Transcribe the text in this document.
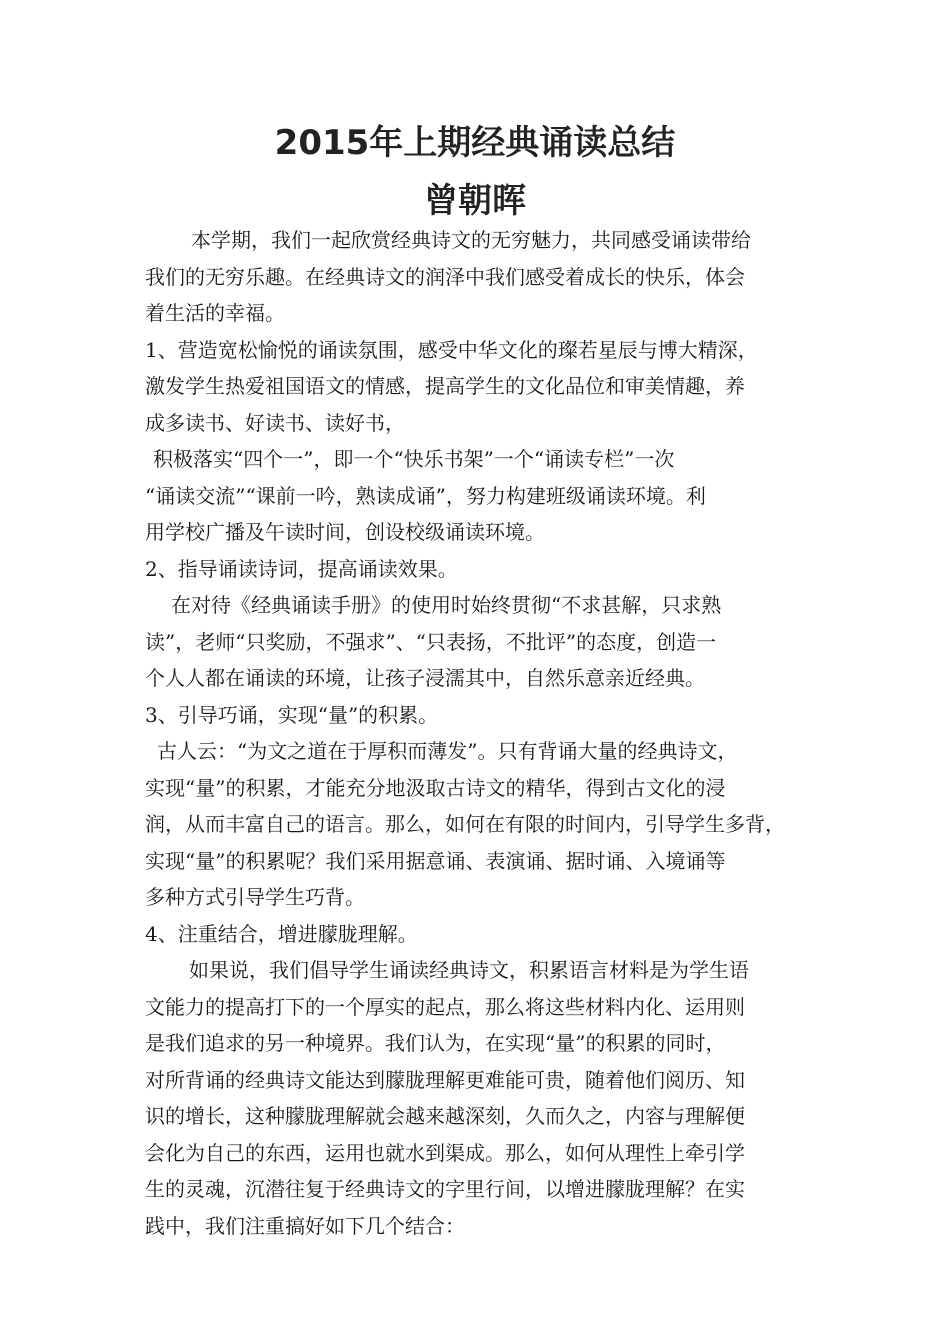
2015年上期经典诵读总结
曾朝晖
本学期，我们一起欣赏经典诗文的无穷魅力，共同感受诵读带给
我们的无穷乐趣。在经典诗文的润泽中我们感受着成长的快乐，体会
着生活的幸福。
1、营造宽松愉悦的诵读氛围，感受中华文化的璨若星辰与博大精深，
激发学生热爱祖国语文的情感，提高学生的文化品位和审美情趣，养
成多读书、好读书、读好书，
积极落实“四个一”，即一个“快乐书架”一个“诵读专栏”一次
“诵读交流”“课前一吟，熟读成诵”，努力构建班级诵读环境。利
用学校广播及午读时间，创设校级诵读环境。
2、指导诵读诗词，提高诵读效果。
在对待《经典诵读手册》的使用时始终贯彻“不求甚解，只求熟
读”，老师“只奖励，不强求”、“只表扬，不批评”的态度，创造一
个人人都在诵读的环境，让孩子浸濡其中，自然乐意亲近经典。
3、引导巧诵，实现“量”的积累。
古人云：“为文之道在于厚积而薄发”。只有背诵大量的经典诗文，
实现“量”的积累，才能充分地汲取古诗文的精华，得到古文化的浸
润，从而丰富自己的语言。那么，如何在有限的时间内，引导学生多背，
实现“量”的积累呢？我们采用据意诵、表演诵、据时诵、入境诵等
多种方式引导学生巧背。
4、注重结合，增进朦胧理解。
如果说，我们倡导学生诵读经典诗文，积累语言材料是为学生语
文能力的提高打下的一个厚实的起点，那么将这些材料内化、运用则
是我们追求的另一种境界。我们认为，在实现“量”的积累的同时，
对所背诵的经典诗文能达到朦胧理解更难能可贵，随着他们阅历、知
识的增长，这种朦胧理解就会越来越深刻，久而久之，内容与理解便
会化为自己的东西，运用也就水到渠成。那么，如何从理性上牵引学
生的灵魂，沉潜往复于经典诗文的字里行间，以增进朦胧理解？在实
践中，我们注重搞好如下几个结合：
